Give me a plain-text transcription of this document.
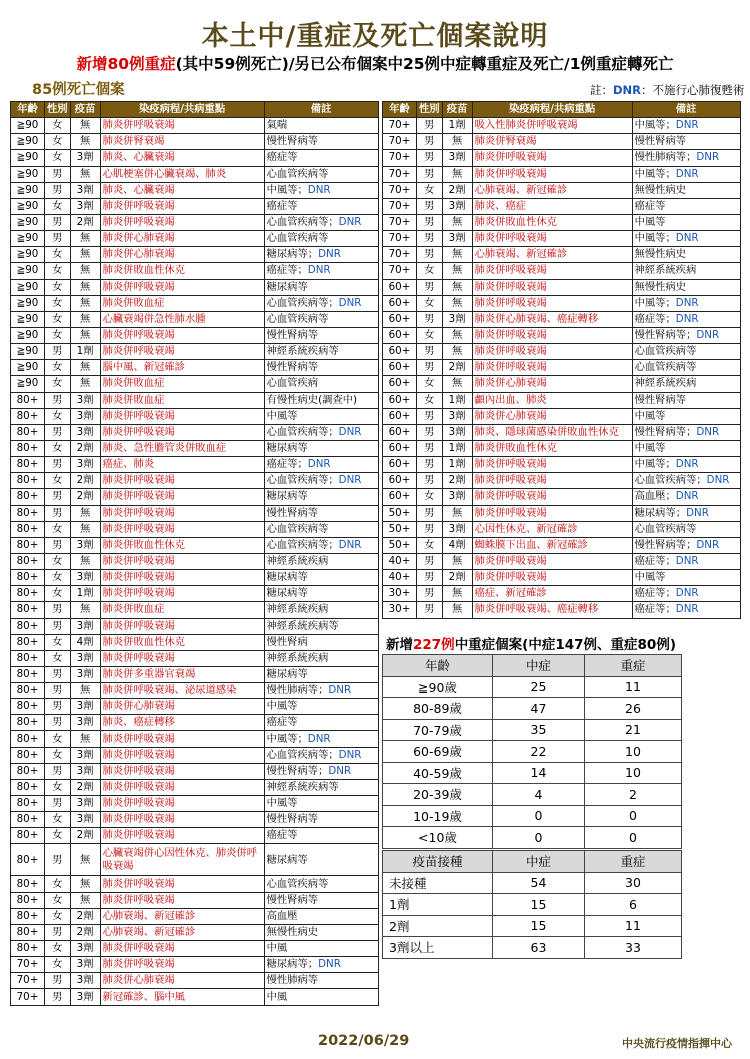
本土中/重症及死亡個案說明
新增80例重症(其中59例死亡)/另已公布個案中25例中症轉重症及死亡/1例重症轉死亡
85例死亡個案	註：DNR：不施行心肺復甦術
年齡	性別	疫苗	染疫病程/共病重點	備註
≧90	女	無	肺炎併呼吸衰竭	氣喘
≧90	女	無	肺炎併腎衰竭	慢性腎病等
≧90	女	3劑	肺炎、心臟衰竭	癌症等
≧90	男	無	心肌梗塞併心臟衰竭、肺炎	心血管疾病等
≧90	男	3劑	肺炎、心臟衰竭	中風等；DNR
≧90	女	3劑	肺炎併呼吸衰竭	癌症等
≧90	男	2劑	肺炎併呼吸衰竭	心血管疾病等；DNR
≧90	男	無	肺炎併心肺衰竭	心血管疾病等
≧90	女	無	肺炎併心肺衰竭	糖尿病等；DNR
≧90	女	無	肺炎併敗血性休克	癌症等；DNR
≧90	女	無	肺炎併呼吸衰竭	糖尿病等
≧90	女	無	肺炎併敗血症	心血管疾病等；DNR
≧90	女	無	心臟衰竭併急性肺水腫	心血管疾病等
≧90	女	無	肺炎併呼吸衰竭	慢性腎病等
≧90	男	1劑	肺炎併呼吸衰竭	神經系統疾病等
≧90	女	無	腦中風、新冠確診	慢性腎病等
≧90	女	無	肺炎併敗血症	心血管疾病
80+	男	3劑	肺炎併敗血症	有慢性病史(調查中)
80+	女	3劑	肺炎併呼吸衰竭	中風等
80+	男	3劑	肺炎併呼吸衰竭	心血管疾病等；DNR
80+	女	2劑	肺炎、急性膽管炎併敗血症	糖尿病等
80+	男	3劑	癌症、肺炎	癌症等；DNR
80+	女	2劑	肺炎併呼吸衰竭	心血管疾病等；DNR
80+	男	2劑	肺炎併呼吸衰竭	糖尿病等
80+	男	無	肺炎併呼吸衰竭	慢性腎病等
80+	女	無	肺炎併呼吸衰竭	心血管疾病等
80+	男	3劑	肺炎併敗血性休克	心血管疾病等；DNR
80+	女	無	肺炎併呼吸衰竭	神經系統疾病
80+	女	3劑	肺炎併呼吸衰竭	糖尿病等
80+	女	1劑	肺炎併呼吸衰竭	糖尿病等
80+	男	無	肺炎併敗血症	神經系統疾病
80+	男	3劑	肺炎併呼吸衰竭	神經系統疾病等
80+	女	4劑	肺炎併敗血性休克	慢性腎病
80+	女	3劑	肺炎併呼吸衰竭	神經系統疾病
80+	男	3劑	肺炎併多重器官衰竭	糖尿病等
80+	男	無	肺炎併呼吸衰竭、泌尿道感染	慢性肺病等；DNR
80+	男	3劑	肺炎併心肺衰竭	中風等
80+	男	3劑	肺炎、癌症轉移	癌症等
80+	女	無	肺炎併呼吸衰竭	中風等；DNR
80+	女	3劑	肺炎併呼吸衰竭	心血管疾病等；DNR
80+	男	3劑	肺炎併呼吸衰竭	慢性腎病等；DNR
80+	女	2劑	肺炎併呼吸衰竭	神經系統疾病等
80+	男	3劑	肺炎併呼吸衰竭	中風等
80+	女	3劑	肺炎併呼吸衰竭	慢性腎病等
80+	女	2劑	肺炎併呼吸衰竭	癌症等
80+	男	無	心臟衰竭併心因性休克、肺炎併呼吸衰竭	糖尿病等
80+	女	無	肺炎併呼吸衰竭	心血管疾病等
80+	女	無	肺炎併呼吸衰竭	慢性腎病等
80+	女	2劑	心肺衰竭、新冠確診	高血壓
80+	男	2劑	心肺衰竭、新冠確診	無慢性病史
80+	女	3劑	肺炎併呼吸衰竭	中風
70+	女	3劑	肺炎併呼吸衰竭	糖尿病等；DNR
70+	男	3劑	肺炎併心肺衰竭	慢性肺病等
70+	男	3劑	新冠確診、腦中風	中風
年齡	性別	疫苗	染疫病程/共病重點	備註
70+	男	1劑	吸入性肺炎併呼吸衰竭	中風等；DNR
70+	男	無	肺炎併腎衰竭	慢性腎病等
70+	男	3劑	肺炎併呼吸衰竭	慢性肺病等；DNR
70+	男	無	肺炎併呼吸衰竭	中風等；DNR
70+	女	2劑	心肺衰竭、新冠確診	無慢性病史
70+	男	3劑	肺炎、癌症	癌症等
70+	男	無	肺炎併敗血性休克	中風等
70+	男	3劑	肺炎併呼吸衰竭	中風等；DNR
70+	男	無	心肺衰竭、新冠確診	無慢性病史
70+	女	無	肺炎併呼吸衰竭	神經系統疾病
60+	男	無	肺炎併呼吸衰竭	無慢性病史
60+	女	無	肺炎併呼吸衰竭	中風等；DNR
60+	男	3劑	肺炎併心肺衰竭、癌症轉移	癌症等；DNR
60+	女	無	肺炎併呼吸衰竭	慢性腎病等；DNR
60+	男	無	肺炎併呼吸衰竭	心血管疾病等
60+	男	2劑	肺炎併呼吸衰竭	心血管疾病等
60+	女	無	肺炎併心肺衰竭	神經系統疾病
60+	女	1劑	顱內出血、肺炎	慢性腎病等
60+	男	3劑	肺炎併心肺衰竭	中風等
60+	男	3劑	肺炎、隱球菌感染併敗血性休克	慢性腎病等；DNR
60+	男	1劑	肺炎併敗血性休克	中風等
60+	男	1劑	肺炎併呼吸衰竭	中風等；DNR
60+	男	2劑	肺炎併呼吸衰竭	心血管疾病等；DNR
60+	女	3劑	肺炎併呼吸衰竭	高血壓；DNR
50+	男	無	肺炎併呼吸衰竭	糖尿病等；DNR
50+	男	3劑	心因性休克、新冠確診	心血管疾病等
50+	女	4劑	蜘蛛膜下出血、新冠確診	慢性腎病等；DNR
40+	男	無	肺炎併呼吸衰竭	癌症等；DNR
40+	男	2劑	肺炎併呼吸衰竭	中風等
30+	男	無	癌症、新冠確診	癌症等；DNR
30+	男	無	肺炎併呼吸衰竭、癌症轉移	癌症等；DNR
新增227例中重症個案(中症147例、重症80例)
年齡	中症	重症
≧90歲	25	11
80-89歲	47	26
70-79歲	35	21
60-69歲	22	10
40-59歲	14	10
20-39歲	4	2
10-19歲	0	0
<10歲	0	0
疫苗接種	中症	重症
未接種	54	30
1劑	15	6
2劑	15	11
3劑以上	63	33
2022/06/29	中央流行疫情指揮中心
